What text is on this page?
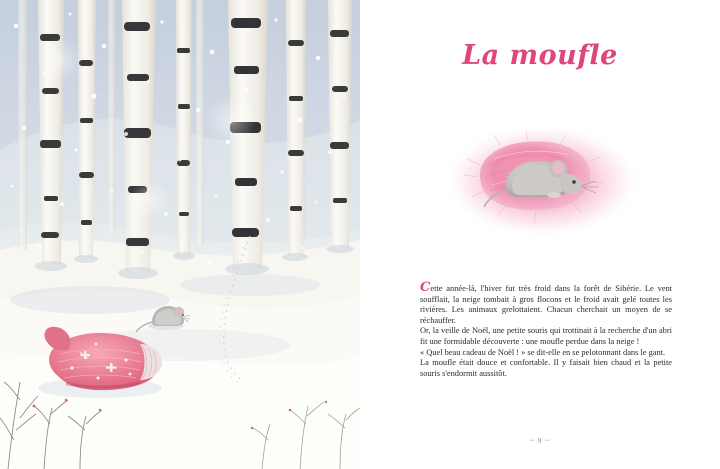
La moufle

Cette année-là, l'hiver fut très froid dans la forêt de Sibérie. Le vent soufflait, la neige tombait à gros flocons et le froid avait gelé toutes les rivières. Les animaux grelottaient. Chacun cherchait un moyen de se réchauffer.

Or, la veille de Noël, une petite souris qui trottinait à la recherche d'un abri fit une formidable découverte : une moufle perdue dans la neige !

« Quel beau cadeau de Noël ! » se dit-elle en se pelotonnant dans le gant.

La moufle était douce et confortable. Il y faisait bien chaud et la petite souris s'endormit aussitôt.

~ 9 ~
